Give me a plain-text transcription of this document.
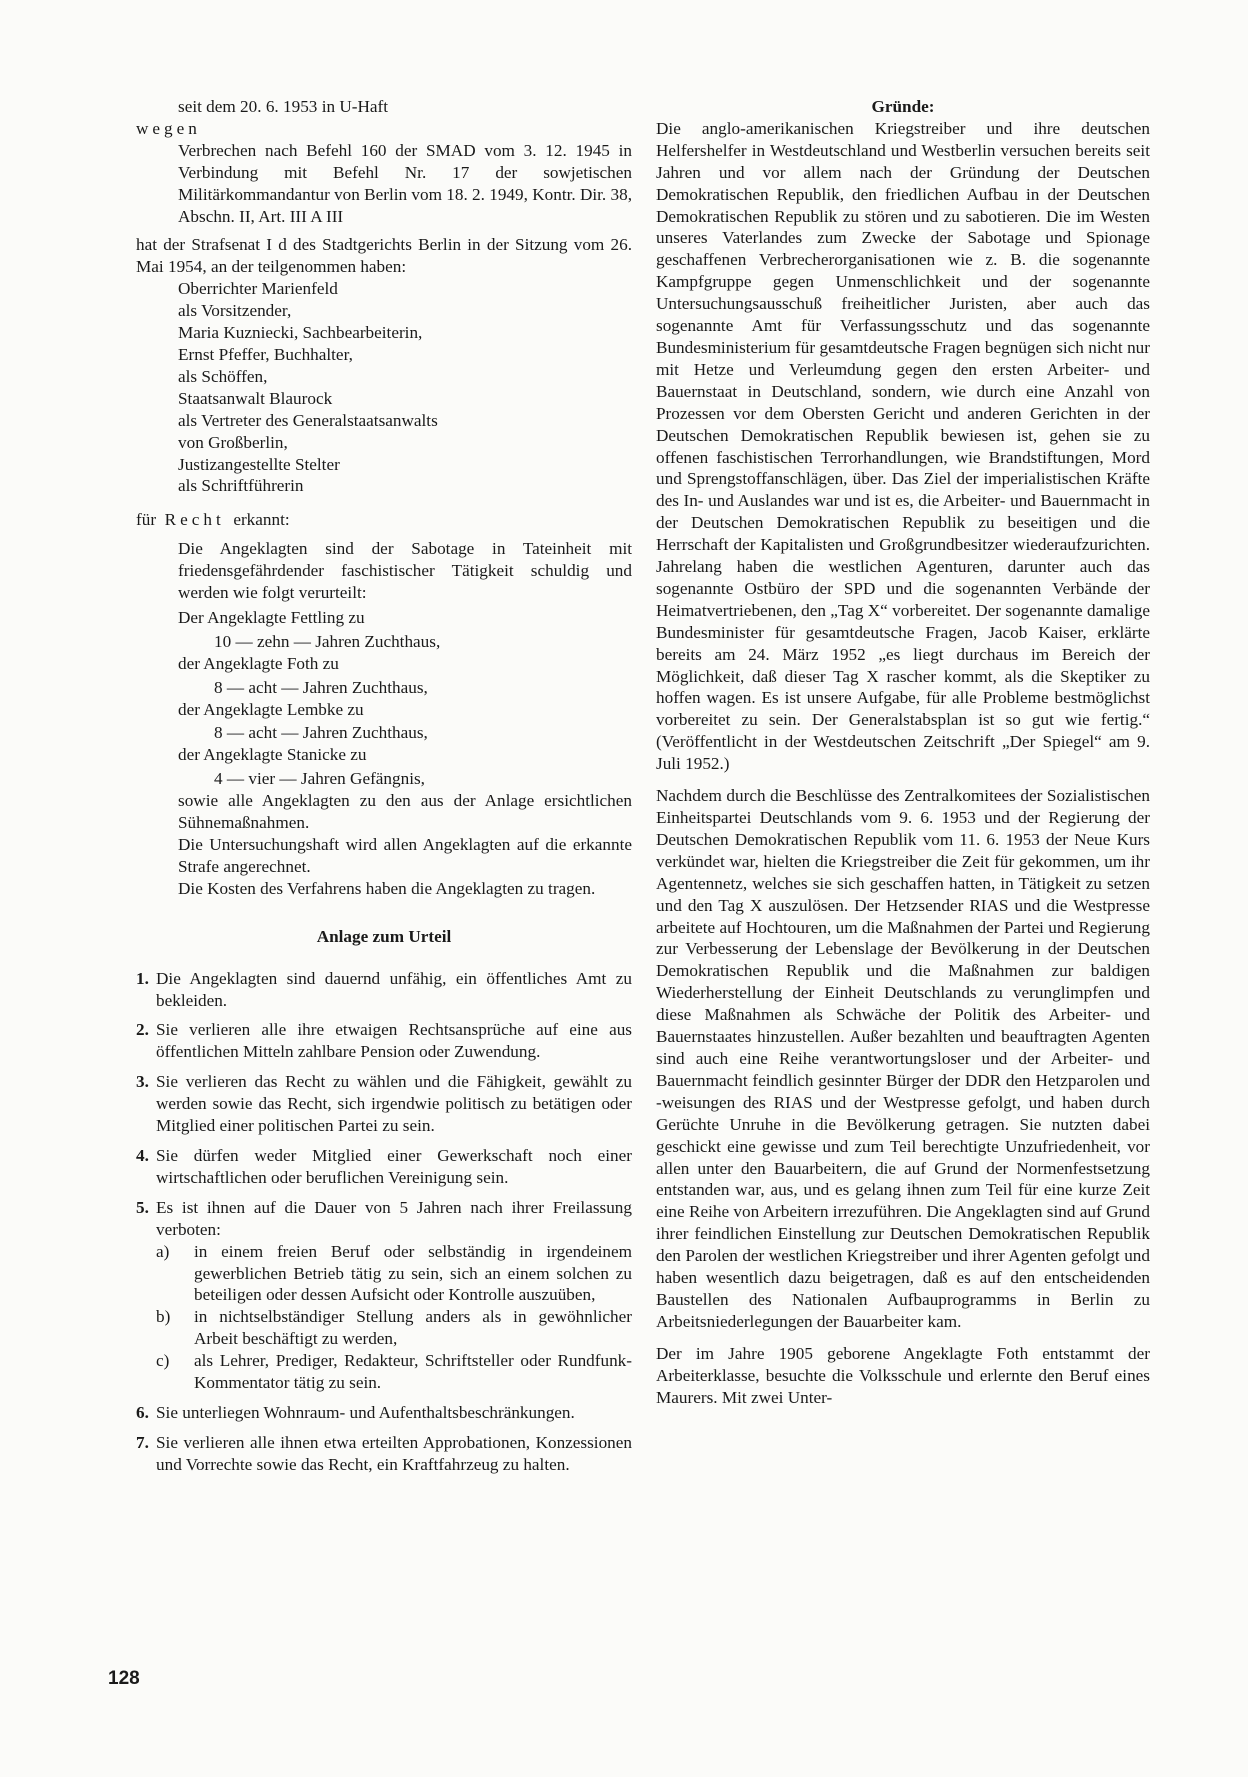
seit dem 20. 6. 1953 in U-Haft

wegen

Verbrechen nach Befehl 160 der SMAD vom 3. 12. 1945 in Verbindung mit Befehl Nr. 17 der sowjetischen Militärkommandantur von Berlin vom 18. 2. 1949, Kontr. Dir. 38, Abschn. II, Art. III A III

hat der Strafsenat I d des Stadtgerichts Berlin in der Sitzung vom 26. Mai 1954, an der teilgenommen haben:

Oberrichter Marienfeld

als Vorsitzender,

Maria Kuzniecki, Sachbearbeiterin,

Ernst Pfeffer, Buchhalter,

als Schöffen,

Staatsanwalt Blaurock

als Vertreter des Generalstaatsanwalts

von Großberlin,

Justizangestellte Stelter

als Schriftführerin

für Recht erkannt:

Die Angeklagten sind der Sabotage in Tateinheit mit friedensgefährdender faschistischer Tätigkeit schuldig und werden wie folgt verurteilt:

Der Angeklagte Fettling zu

10 — zehn — Jahren Zuchthaus,

der Angeklagte Foth zu

8 — acht — Jahren Zuchthaus,

der Angeklagte Lembke zu

8 — acht — Jahren Zuchthaus,

der Angeklagte Stanicke zu

4 — vier — Jahren Gefängnis,

sowie alle Angeklagten zu den aus der Anlage ersichtlichen Sühnemaßnahmen.

Die Untersuchungshaft wird allen Angeklagten auf die erkannte Strafe angerechnet.

Die Kosten des Verfahrens haben die Angeklagten zu tragen.

Anlage zum Urteil

1. Die Angeklagten sind dauernd unfähig, ein öffentliches Amt zu bekleiden.
2. Sie verlieren alle ihre etwaigen Rechtsansprüche auf eine aus öffentlichen Mitteln zahlbare Pension oder Zuwendung.
3. Sie verlieren das Recht zu wählen und die Fähigkeit, gewählt zu werden sowie das Recht, sich irgendwie politisch zu betätigen oder Mitglied einer politischen Partei zu sein.
4. Sie dürfen weder Mitglied einer Gewerkschaft noch einer wirtschaftlichen oder beruflichen Vereinigung sein.
5. Es ist ihnen auf die Dauer von 5 Jahren nach ihrer Freilassung verboten:
a)	in einem freien Beruf oder selbständig in irgendeinem gewerblichen Betrieb tätig zu sein, sich an einem solchen zu beteiligen oder dessen Aufsicht oder Kontrolle auszuüben,
b)	in nichtselbständiger Stellung anders als in gewöhnlicher Arbeit beschäftigt zu werden,
c)	als Lehrer, Prediger, Redakteur, Schriftsteller oder Rundfunk-Kommentator tätig zu sein.
6. Sie unterliegen Wohnraum- und Aufenthaltsbeschränkungen.
7. Sie verlieren alle ihnen etwa erteilten Approbationen, Konzessionen und Vorrechte sowie das Recht, ein Kraftfahrzeug zu halten.

Gründe:

Die anglo-amerikanischen Kriegstreiber und ihre deutschen Helfershelfer in Westdeutschland und Westberlin versuchen bereits seit Jahren und vor allem nach der Gründung der Deutschen Demokratischen Republik, den friedlichen Aufbau in der Deutschen Demokratischen Republik zu stören und zu sabotieren. Die im Westen unseres Vaterlandes zum Zwecke der Sabotage und Spionage geschaffenen Verbrecherorganisationen wie z. B. die sogenannte Kampfgruppe gegen Unmenschlichkeit und der sogenannte Untersuchungsausschuß freiheitlicher Juristen, aber auch das sogenannte Amt für Verfassungsschutz und das sogenannte Bundesministerium für gesamtdeutsche Fragen begnügen sich nicht nur mit Hetze und Verleumdung gegen den ersten Arbeiter- und Bauernstaat in Deutschland, sondern, wie durch eine Anzahl von Prozessen vor dem Obersten Gericht und anderen Gerichten in der Deutschen Demokratischen Republik bewiesen ist, gehen sie zu offenen faschistischen Terrorhandlungen, wie Brandstiftungen, Mord und Sprengstoffanschlägen, über. Das Ziel der imperialistischen Kräfte des In- und Auslandes war und ist es, die Arbeiter- und Bauernmacht in der Deutschen Demokratischen Republik zu beseitigen und die Herrschaft der Kapitalisten und Großgrundbesitzer wiederaufzurichten. Jahrelang haben die westlichen Agenturen, darunter auch das sogenannte Ostbüro der SPD und die sogenannten Verbände der Heimatvertriebenen, den „Tag X“ vorbereitet. Der sogenannte damalige Bundesminister für gesamtdeutsche Fragen, Jacob Kaiser, erklärte bereits am 24. März 1952 „es liegt durchaus im Bereich der Möglichkeit, daß dieser Tag X rascher kommt, als die Skeptiker zu hoffen wagen. Es ist unsere Aufgabe, für alle Probleme bestmöglichst vorbereitet zu sein. Der Generalstabsplan ist so gut wie fertig.“ (Veröffentlicht in der Westdeutschen Zeitschrift „Der Spiegel“ am 9. Juli 1952.)

Nachdem durch die Beschlüsse des Zentralkomitees der Sozialistischen Einheitspartei Deutschlands vom 9. 6. 1953 und der Regierung der Deutschen Demokratischen Republik vom 11. 6. 1953 der Neue Kurs verkündet war, hielten die Kriegstreiber die Zeit für gekommen, um ihr Agentennetz, welches sie sich geschaffen hatten, in Tätigkeit zu setzen und den Tag X auszulösen. Der Hetzsender RIAS und die Westpresse arbeitete auf Hochtouren, um die Maßnahmen der Partei und Regierung zur Verbesserung der Lebenslage der Bevölkerung in der Deutschen Demokratischen Republik und die Maßnahmen zur baldigen Wiederherstellung der Einheit Deutschlands zu verunglimpfen und diese Maßnahmen als Schwäche der Politik des Arbeiter- und Bauernstaates hinzustellen. Außer bezahlten und beauftragten Agenten sind auch eine Reihe verantwortungsloser und der Arbeiter- und Bauernmacht feindlich gesinnter Bürger der DDR den Hetzparolen und -weisungen des RIAS und der Westpresse gefolgt, und haben durch Gerüchte Unruhe in die Bevölkerung getragen. Sie nutzten dabei geschickt eine gewisse und zum Teil berechtigte Unzufriedenheit, vor allen unter den Bauarbeitern, die auf Grund der Normenfestsetzung entstanden war, aus, und es gelang ihnen zum Teil für eine kurze Zeit eine Reihe von Arbeitern irrezuführen. Die Angeklagten sind auf Grund ihrer feindlichen Einstellung zur Deutschen Demokratischen Republik den Parolen der westlichen Kriegstreiber und ihrer Agenten gefolgt und haben wesentlich dazu beigetragen, daß es auf den entscheidenden Baustellen des Nationalen Aufbauprogramms in Berlin zu Arbeitsniederlegungen der Bauarbeiter kam.

Der im Jahre 1905 geborene Angeklagte Foth entstammt der Arbeiterklasse, besuchte die Volksschule und erlernte den Beruf eines Maurers. Mit zwei Unter-

128
